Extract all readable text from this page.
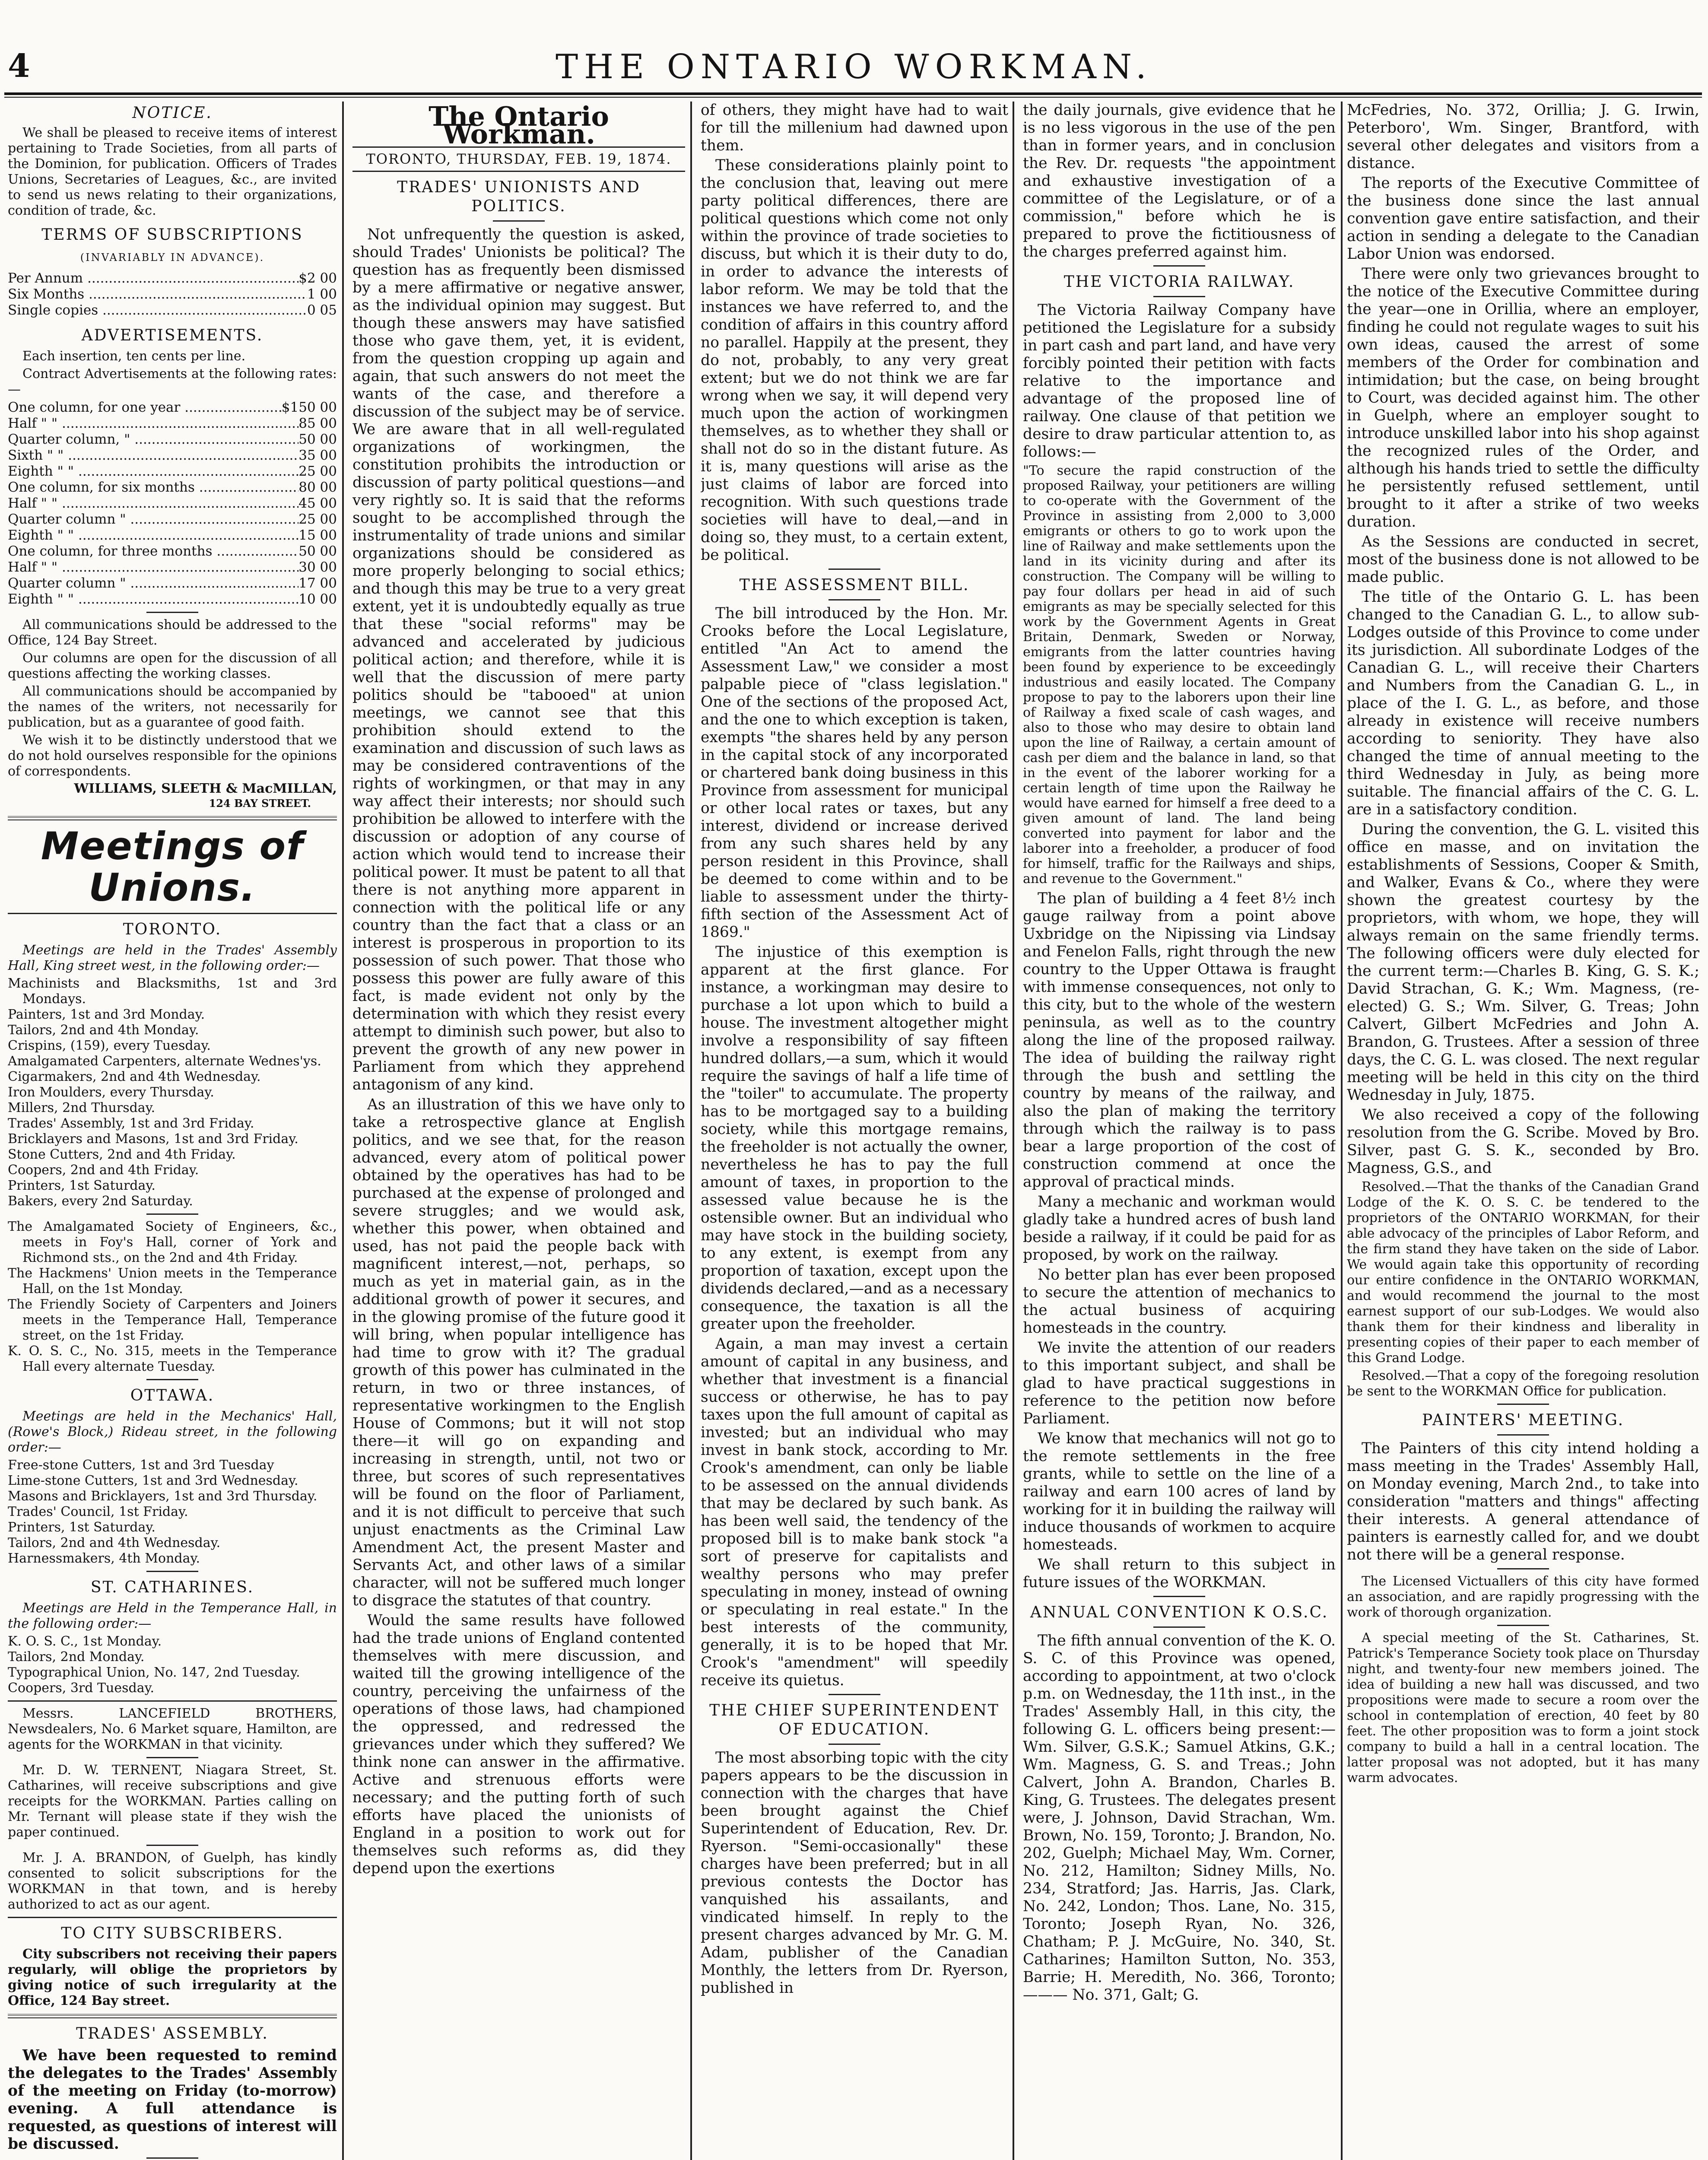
4	THE ONTARIO WORKMAN.
NOTICE.

We shall be pleased to receive items of interest pertaining to Trade Societies, from all parts of the Dominion, for publication. Officers of Trades Unions, Secretaries of Leagues, &c., are invited to send us news relating to their organizations, condition of trade, &c.

TERMS OF SUBSCRIPTIONS
(INVARIABLY IN ADVANCE).
Per Annum .....	$2 00
Six Months .....	1 00
Single copies .....	0 05
ADVERTISEMENTS.

Each insertion, ten cents per line.

Contract Advertisements at the following rates:—

One column, for one year .....	$150 00
Half " " .....	85 00
Quarter column, " .....	50 00
Sixth " " .....	35 00
Eighth " " .....	25 00
One column, for six months .....	80 00
Half " " .....	45 00
Quarter column " .....	25 00
Eighth " " .....	15 00
One column, for three months .....	50 00
Half " " .....	30 00
Quarter column " .....	17 00
Eighth " " .....	10 00

All communications should be addressed to the Office, 124 Bay Street.

Our columns are open for the discussion of all questions affecting the working classes.

All communications should be accompanied by the names of the writers, not necessarily for publication, but as a guarantee of good faith.

We wish it to be distinctly understood that we do not hold ourselves responsible for the opinions of correspondents.

WILLIAMS, SLEETH & MacMILLAN,
124 BAY STREET.
Meetings of Unions.
TORONTO.

Meetings are held in the Trades' Assembly Hall, King street west, in the following order:—

Machinists and Blacksmiths, 1st and 3rd Mondays.
Painters, 1st and 3rd Monday.
Tailors, 2nd and 4th Monday.
Crispins, (159), every Tuesday.
Amalgamated Carpenters, alternate Wednes'ys.
Cigarmakers, 2nd and 4th Wednesday.
Iron Moulders, every Thursday.
Millers, 2nd Thursday.
Trades' Assembly, 1st and 3rd Friday.
Bricklayers and Masons, 1st and 3rd Friday.
Stone Cutters, 2nd and 4th Friday.
Coopers, 2nd and 4th Friday.
Printers, 1st Saturday.
Bakers, every 2nd Saturday.
The Amalgamated Society of Engineers, &c., meets in Foy's Hall, corner of York and Richmond sts., on the 2nd and 4th Friday.
The Hackmens' Union meets in the Temperance Hall, on the 1st Monday.
The Friendly Society of Carpenters and Joiners meets in the Temperance Hall, Temperance street, on the 1st Friday.
K. O. S. C., No. 315, meets in the Temperance Hall every alternate Tuesday.
OTTAWA.

Meetings are held in the Mechanics' Hall, (Rowe's Block,) Rideau street, in the following order:—

Free-stone Cutters, 1st and 3rd Tuesday
Lime-stone Cutters, 1st and 3rd Wednesday.
Masons and Bricklayers, 1st and 3rd Thursday.
Trades' Council, 1st Friday.
Printers, 1st Saturday.
Tailors, 2nd and 4th Wednesday.
Harnessmakers, 4th Monday.
ST. CATHARINES.

Meetings are Held in the Temperance Hall, in the following order:—

K. O. S. C., 1st Monday.
Tailors, 2nd Monday.
Typographical Union, No. 147, 2nd Tuesday.
Coopers, 3rd Tuesday.

Messrs. LANCEFIELD BROTHERS, Newsdealers, No. 6 Market square, Hamilton, are agents for the WORKMAN in that vicinity.

Mr. D. W. TERNENT, Niagara Street, St. Catharines, will receive subscriptions and give receipts for the WORKMAN. Parties calling on Mr. Ternant will please state if they wish the paper continued.

Mr. J. A. BRANDON, of Guelph, has kindly consented to solicit subscriptions for the WORKMAN in that town, and is hereby authorized to act as our agent.

TO CITY SUBSCRIBERS.

City subscribers not receiving their papers regularly, will oblige the proprietors by giving notice of such irregularity at the Office, 124 Bay street.

TRADES' ASSEMBLY.

We have been requested to remind the delegates to the Trades' Assembly of the meeting on Friday (to-morrow) evening. A full attendance is requested, as questions of interest will be discussed.

The Ontario Workman.
TORONTO, THURSDAY, FEB. 19, 1874.
TRADES' UNIONISTS AND POLITICS.

Not unfrequently the question is asked, should Trades' Unionists be political? The question has as frequently been dismissed by a mere affirmative or negative answer, as the individual opinion may suggest. But though these answers may have satisfied those who gave them, yet, it is evident, from the question cropping up again and again, that such answers do not meet the wants of the case, and therefore a discussion of the subject may be of service. We are aware that in all well-regulated organizations of workingmen, the constitution prohibits the introduction or discussion of party political questions—and very rightly so. It is said that the reforms sought to be accomplished through the instrumentality of trade unions and similar organizations should be considered as more properly belonging to social ethics; and though this may be true to a very great extent, yet it is undoubtedly equally as true that these "social reforms" may be advanced and accelerated by judicious political action; and therefore, while it is well that the discussion of mere party politics should be "tabooed" at union meetings, we cannot see that this prohibition should extend to the examination and discussion of such laws as may be considered contraventions of the rights of workingmen, or that may in any way affect their interests; nor should such prohibition be allowed to interfere with the discussion or adoption of any course of action which would tend to increase their political power. It must be patent to all that there is not anything more apparent in connection with the political life or any country than the fact that a class or an interest is prosperous in proportion to its possession of such power. That those who possess this power are fully aware of this fact, is made evident not only by the determination with which they resist every attempt to diminish such power, but also to prevent the growth of any new power in Parliament from which they apprehend antagonism of any kind.

As an illustration of this we have only to take a retrospective glance at English politics, and we see that, for the reason advanced, every atom of political power obtained by the operatives has had to be purchased at the expense of prolonged and severe struggles; and we would ask, whether this power, when obtained and used, has not paid the people back with magnificent interest,—not, perhaps, so much as yet in material gain, as in the additional growth of power it secures, and in the glowing promise of the future good it will bring, when popular intelligence has had time to grow with it? The gradual growth of this power has culminated in the return, in two or three instances, of representative workingmen to the English House of Commons; but it will not stop there—it will go on expanding and increasing in strength, until, not two or three, but scores of such representatives will be found on the floor of Parliament, and it is not difficult to perceive that such unjust enactments as the Criminal Law Amendment Act, the present Master and Servants Act, and other laws of a similar character, will not be suffered much longer to disgrace the statutes of that country.

Would the same results have followed had the trade unions of England contented themselves with mere discussion, and waited till the growing intelligence of the country, perceiving the unfairness of the operations of those laws, had championed the oppressed, and redressed the grievances under which they suffered? We think none can answer in the affirmative. Active and strenuous efforts were necessary; and the putting forth of such efforts have placed the unionists of England in a position to work out for themselves such reforms as, did they depend upon the exertions

of others, they might have had to wait for till the millenium had dawned upon them.

These considerations plainly point to the conclusion that, leaving out mere party political differences, there are political questions which come not only within the province of trade societies to discuss, but which it is their duty to do, in order to advance the interests of labor reform. We may be told that the instances we have referred to, and the condition of affairs in this country afford no parallel. Happily at the present, they do not, probably, to any very great extent; but we do not think we are far wrong when we say, it will depend very much upon the action of workingmen themselves, as to whether they shall or shall not do so in the distant future. As it is, many questions will arise as the just claims of labor are forced into recognition. With such questions trade societies will have to deal,—and in doing so, they must, to a certain extent, be political.

THE ASSESSMENT BILL.

The bill introduced by the Hon. Mr. Crooks before the Local Legislature, entitled "An Act to amend the Assessment Law," we consider a most palpable piece of "class legislation." One of the sections of the proposed Act, and the one to which exception is taken, exempts "the shares held by any person in the capital stock of any incorporated or chartered bank doing business in this Province from assessment for municipal or other local rates or taxes, but any interest, dividend or increase derived from any such shares held by any person resident in this Province, shall be deemed to come within and to be liable to assessment under the thirty-fifth section of the Assessment Act of 1869."

The injustice of this exemption is apparent at the first glance. For instance, a workingman may desire to purchase a lot upon which to build a house. The investment altogether might involve a responsibility of say fifteen hundred dollars,—a sum, which it would require the savings of half a life time of the "toiler" to accumulate. The property has to be mortgaged say to a building society, while this mortgage remains, the freeholder is not actually the owner, nevertheless he has to pay the full amount of taxes, in proportion to the assessed value because he is the ostensible owner. But an individual who may have stock in the building society, to any extent, is exempt from any proportion of taxation, except upon the dividends declared,—and as a necessary consequence, the taxation is all the greater upon the freeholder.

Again, a man may invest a certain amount of capital in any business, and whether that investment is a financial success or otherwise, he has to pay taxes upon the full amount of capital as invested; but an individual who may invest in bank stock, according to Mr. Crook's amendment, can only be liable to be assessed on the annual dividends that may be declared by such bank. As has been well said, the tendency of the proposed bill is to make bank stock "a sort of preserve for capitalists and wealthy persons who may prefer speculating in money, instead of owning or speculating in real estate." In the best interests of the community, generally, it is to be hoped that Mr. Crook's "amendment" will speedily receive its quietus.

THE CHIEF SUPERINTENDENT OF EDUCATION.

The most absorbing topic with the city papers appears to be the discussion in connection with the charges that have been brought against the Chief Superintendent of Education, Rev. Dr. Ryerson. "Semi-occasionally" these charges have been preferred; but in all previous contests the Doctor has vanquished his assailants, and vindicated himself. In reply to the present charges advanced by Mr. G. M. Adam, publisher of the Canadian Monthly, the letters from Dr. Ryerson, published in

the daily journals, give evidence that he is no less vigorous in the use of the pen than in former years, and in conclusion the Rev. Dr. requests "the appointment and exhaustive investigation of a committee of the Legislature, or of a commission," before which he is prepared to prove the fictitiousness of the charges preferred against him.

THE VICTORIA RAILWAY.

The Victoria Railway Company have petitioned the Legislature for a subsidy in part cash and part land, and have very forcibly pointed their petition with facts relative to the importance and advantage of the proposed line of railway. One clause of that petition we desire to draw particular attention to, as follows:—

"To secure the rapid construction of the proposed Railway, your petitioners are willing to co-operate with the Government of the Province in assisting from 2,000 to 3,000 emigrants or others to go to work upon the line of Railway and make settlements upon the land in its vicinity during and after its construction. The Company will be willing to pay four dollars per head in aid of such emigrants as may be specially selected for this work by the Government Agents in Great Britain, Denmark, Sweden or Norway, emigrants from the latter countries having been found by experience to be exceedingly industrious and easily located. The Company propose to pay to the laborers upon their line of Railway a fixed scale of cash wages, and also to those who may desire to obtain land upon the line of Railway, a certain amount of cash per diem and the balance in land, so that in the event of the laborer working for a certain length of time upon the Railway he would have earned for himself a free deed to a given amount of land. The land being converted into payment for labor and the laborer into a freeholder, a producer of food for himself, traffic for the Railways and ships, and revenue to the Government."

The plan of building a 4 feet 8½ inch gauge railway from a point above Uxbridge on the Nipissing via Lindsay and Fenelon Falls, right through the new country to the Upper Ottawa is fraught with immense consequences, not only to this city, but to the whole of the western peninsula, as well as to the country along the line of the proposed railway. The idea of building the railway right through the bush and settling the country by means of the railway, and also the plan of making the territory through which the railway is to pass bear a large proportion of the cost of construction commend at once the approval of practical minds.

Many a mechanic and workman would gladly take a hundred acres of bush land beside a railway, if it could be paid for as proposed, by work on the railway.

No better plan has ever been proposed to secure the attention of mechanics to the actual business of acquiring homesteads in the country.

We invite the attention of our readers to this important subject, and shall be glad to have practical suggestions in reference to the petition now before Parliament.

We know that mechanics will not go to the remote settlements in the free grants, while to settle on the line of a railway and earn 100 acres of land by working for it in building the railway will induce thousands of workmen to acquire homesteads.

We shall return to this subject in future issues of the WORKMAN.

ANNUAL CONVENTION K O.S.C.

The fifth annual convention of the K. O. S. C. of this Province was opened, according to appointment, at two o'clock p.m. on Wednesday, the 11th inst., in the Trades' Assembly Hall, in this city, the following G. L. officers being present:—Wm. Silver, G.S.K.; Samuel Atkins, G.K.; Wm. Magness, G. S. and Treas.; John Calvert, John A. Brandon, Charles B. King, G. Trustees. The delegates present were, J. Johnson, David Strachan, Wm. Brown, No. 159, Toronto; J. Brandon, No. 202, Guelph; Michael May, Wm. Corner, No. 212, Hamilton; Sidney Mills, No. 234, Stratford; Jas. Harris, Jas. Clark, No. 242, London; Thos. Lane, No. 315, Toronto; Joseph Ryan, No. 326, Chatham; P. J. McGuire, No. 340, St. Catharines; Hamilton Sutton, No. 353, Barrie; H. Meredith, No. 366, Toronto; ——— No. 371, Galt; G.

McFedries, No. 372, Orillia; J. G. Irwin, Peterboro', Wm. Singer, Brantford, with several other delegates and visitors from a distance.

The reports of the Executive Committee of the business done since the last annual convention gave entire satisfaction, and their action in sending a delegate to the Canadian Labor Union was endorsed.

There were only two grievances brought to the notice of the Executive Committee during the year—one in Orillia, where an employer, finding he could not regulate wages to suit his own ideas, caused the arrest of some members of the Order for combination and intimidation; but the case, on being brought to Court, was decided against him. The other in Guelph, where an employer sought to introduce unskilled labor into his shop against the recognized rules of the Order, and although his hands tried to settle the difficulty he persistently refused settlement, until brought to it after a strike of two weeks duration.

As the Sessions are conducted in secret, most of the business done is not allowed to be made public.

The title of the Ontario G. L. has been changed to the Canadian G. L., to allow sub-Lodges outside of this Province to come under its jurisdiction. All subordinate Lodges of the Canadian G. L., will receive their Charters and Numbers from the Canadian G. L., in place of the I. G. L., as before, and those already in existence will receive numbers according to seniority. They have also changed the time of annual meeting to the third Wednesday in July, as being more suitable. The financial affairs of the C. G. L. are in a satisfactory condition.

During the convention, the G. L. visited this office en masse, and on invitation the establishments of Sessions, Cooper & Smith, and Walker, Evans & Co., where they were shown the greatest courtesy by the proprietors, with whom, we hope, they will always remain on the same friendly terms. The following officers were duly elected for the current term:—Charles B. King, G. S. K.; David Strachan, G. K.; Wm. Magness, (re-elected) G. S.; Wm. Silver, G. Treas; John Calvert, Gilbert McFedries and John A. Brandon, G. Trustees. After a session of three days, the C. G. L. was closed. The next regular meeting will be held in this city on the third Wednesday in July, 1875.

We also received a copy of the following resolution from the G. Scribe. Moved by Bro. Silver, past G. S. K., seconded by Bro. Magness, G.S., and

Resolved.—That the thanks of the Canadian Grand Lodge of the K. O. S. C. be tendered to the proprietors of the ONTARIO WORKMAN, for their able advocacy of the principles of Labor Reform, and the firm stand they have taken on the side of Labor. We would again take this opportunity of recording our entire confidence in the ONTARIO WORKMAN, and would recommend the journal to the most earnest support of our sub-Lodges. We would also thank them for their kindness and liberality in presenting copies of their paper to each member of this Grand Lodge.

Resolved.—That a copy of the foregoing resolution be sent to the WORKMAN Office for publication.

PAINTERS' MEETING.

The Painters of this city intend holding a mass meeting in the Trades' Assembly Hall, on Monday evening, March 2nd., to take into consideration "matters and things" affecting their interests. A general attendance of painters is earnestly called for, and we doubt not there will be a general response.

The Licensed Victuallers of this city have formed an association, and are rapidly progressing with the work of thorough organization.

A special meeting of the St. Catharines, St. Patrick's Temperance Society took place on Thursday night, and twenty-four new members joined. The idea of building a new hall was discussed, and two propositions were made to secure a room over the school in contemplation of erection, 40 feet by 80 feet. The other proposition was to form a joint stock company to build a hall in a central location. The latter proposal was not adopted, but it has many warm advocates.
